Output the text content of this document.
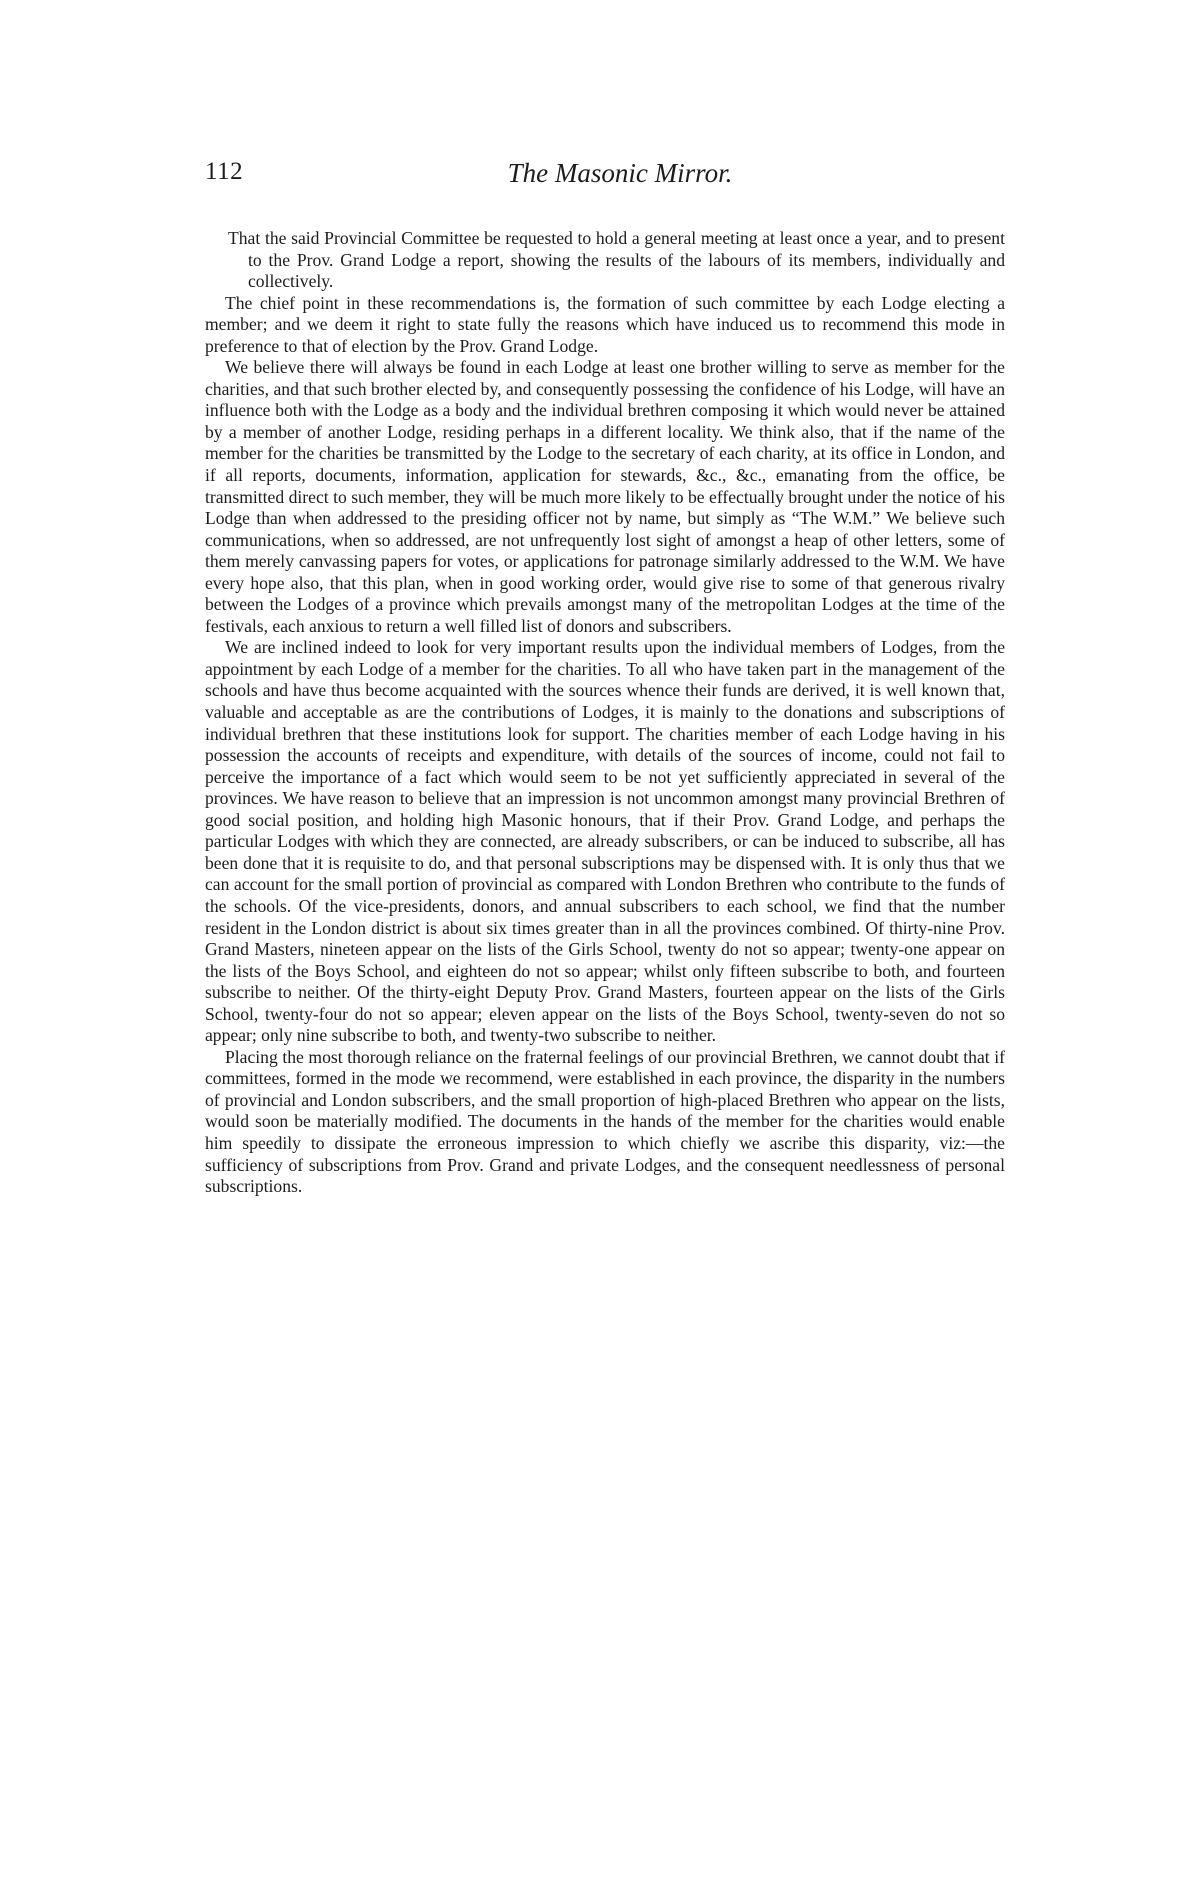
112	The Masonic Mirror.

That the said Provincial Committee be requested to hold a general meeting at least once a year, and to present to the Prov. Grand Lodge a report, showing the results of the labours of its members, individually and collectively.

The chief point in these recommendations is, the formation of such committee by each Lodge electing a member; and we deem it right to state fully the reasons which have induced us to recommend this mode in preference to that of election by the Prov. Grand Lodge.

We believe there will always be found in each Lodge at least one brother willing to serve as member for the charities, and that such brother elected by, and consequently possessing the confidence of his Lodge, will have an influence both with the Lodge as a body and the individual brethren composing it which would never be attained by a member of another Lodge, residing perhaps in a different locality. We think also, that if the name of the member for the charities be transmitted by the Lodge to the secretary of each charity, at its office in London, and if all reports, documents, information, application for stewards, &c., &c., emanating from the office, be transmitted direct to such member, they will be much more likely to be effectually brought under the notice of his Lodge than when addressed to the presiding officer not by name, but simply as “The W.M.” We believe such communications, when so addressed, are not unfrequently lost sight of amongst a heap of other letters, some of them merely canvassing papers for votes, or applications for patronage similarly addressed to the W.M. We have every hope also, that this plan, when in good working order, would give rise to some of that generous rivalry between the Lodges of a province which prevails amongst many of the metropolitan Lodges at the time of the festivals, each anxious to return a well filled list of donors and subscribers.

We are inclined indeed to look for very important results upon the individual members of Lodges, from the appointment by each Lodge of a member for the charities. To all who have taken part in the management of the schools and have thus become acquainted with the sources whence their funds are derived, it is well known that, valuable and acceptable as are the contributions of Lodges, it is mainly to the donations and subscriptions of individual brethren that these institutions look for support. The charities member of each Lodge having in his possession the accounts of receipts and expenditure, with details of the sources of income, could not fail to perceive the importance of a fact which would seem to be not yet sufficiently appreciated in several of the provinces. We have reason to believe that an impression is not uncommon amongst many provincial Brethren of good social position, and holding high Masonic honours, that if their Prov. Grand Lodge, and perhaps the particular Lodges with which they are connected, are already subscribers, or can be induced to subscribe, all has been done that it is requisite to do, and that personal subscriptions may be dispensed with. It is only thus that we can account for the small portion of provincial as compared with London Brethren who contribute to the funds of the schools. Of the vice-presidents, donors, and annual subscribers to each school, we find that the number resident in the London district is about six times greater than in all the provinces combined. Of thirty-nine Prov. Grand Masters, nineteen appear on the lists of the Girls School, twenty do not so appear; twenty-one appear on the lists of the Boys School, and eighteen do not so appear; whilst only fifteen subscribe to both, and fourteen subscribe to neither. Of the thirty-eight Deputy Prov. Grand Masters, fourteen appear on the lists of the Girls School, twenty-four do not so appear; eleven appear on the lists of the Boys School, twenty-seven do not so appear; only nine subscribe to both, and twenty-two subscribe to neither.

Placing the most thorough reliance on the fraternal feelings of our provincial Brethren, we cannot doubt that if committees, formed in the mode we recommend, were established in each province, the disparity in the numbers of provincial and London subscribers, and the small proportion of high-placed Brethren who appear on the lists, would soon be materially modified. The documents in the hands of the member for the charities would enable him speedily to dissipate the erroneous impression to which chiefly we ascribe this disparity, viz:—the sufficiency of subscriptions from Prov. Grand and private Lodges, and the consequent needlessness of personal subscriptions.
